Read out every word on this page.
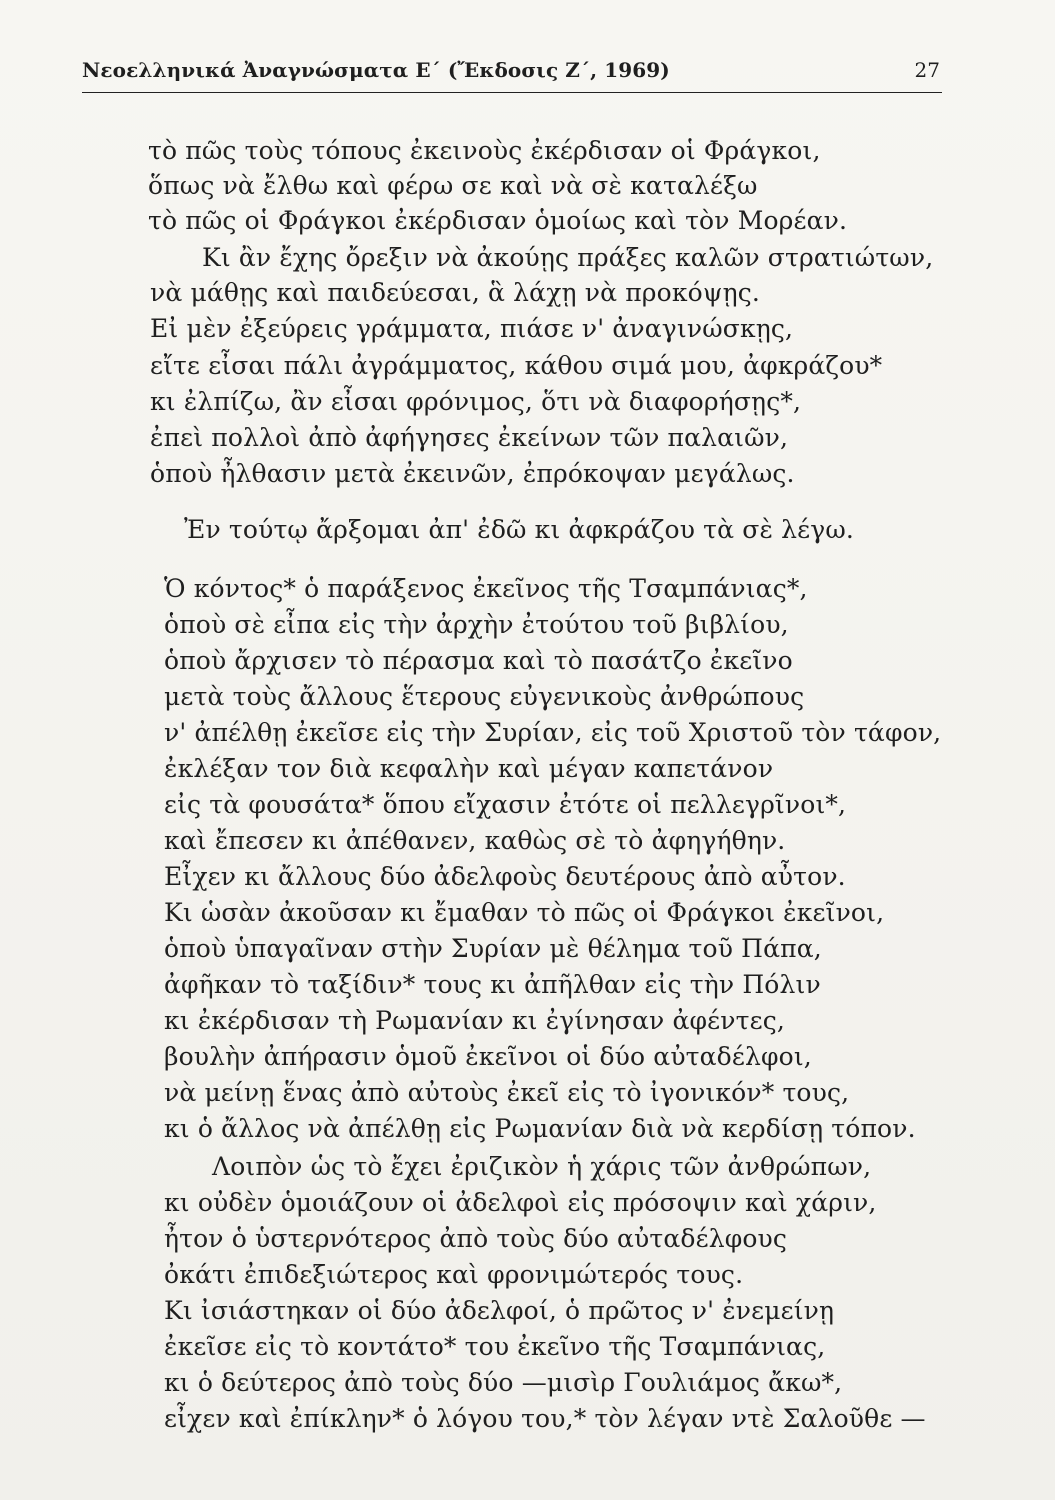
Νεοελληνικά Ἀναγνώσματα Ε΄ (Ἔκδοσις Ζ΄, 1969)	27
τὸ πῶς τοὺς τόπους ἐκεινοὺς ἐκέρδισαν οἱ Φράγκοι,
ὅπως νὰ ἔλθω καὶ φέρω σε καὶ νὰ σὲ καταλέξω
τὸ πῶς οἱ Φράγκοι ἐκέρδισαν ὁμοίως καὶ τὸν Μορέαν.
Κι ἂν ἔχης ὄρεξιν νὰ ἀκούῃς πράξες καλῶν στρατιώτων,
νὰ μάθῃς καὶ παιδεύεσαι, ἃ λάχῃ νὰ προκόψῃς.
Εἰ μὲν ἐξεύρεις γράμματα, πιάσε ν' ἀναγινώσκῃς,
εἴτε εἶσαι πάλι ἀγράμματος, κάθου σιμά μου, ἀφκράζου*
κι ἐλπίζω, ἂν εἶσαι φρόνιμος, ὅτι νὰ διαφορήσῃς*,
ἐπεὶ πολλοὶ ἀπὸ ἀφήγησες ἐκείνων τῶν παλαιῶν,
ὁποὺ ἦλθασιν μετὰ ἐκεινῶν, ἐπρόκοψαν μεγάλως.
Ἐν τούτῳ ἄρξομαι ἀπ' ἐδῶ κι ἀφκράζου τὰ σὲ λέγω.
Ὁ κόντος* ὁ παράξενος ἐκεῖνος τῆς Τσαμπάνιας*,
ὁποὺ σὲ εἶπα εἰς τὴν ἀρχὴν ἐτούτου τοῦ βιβλίου,
ὁποὺ ἄρχισεν τὸ πέρασμα καὶ τὸ πασάτζο ἐκεῖνο
μετὰ τοὺς ἄλλους ἕτερους εὐγενικοὺς ἀνθρώπους
ν' ἀπέλθῃ ἐκεῖσε εἰς τὴν Συρίαν, εἰς τοῦ Χριστοῦ τὸν τάφον,
ἐκλέξαν τον διὰ κεφαλὴν καὶ μέγαν καπετάνον
εἰς τὰ φουσάτα* ὅπου εἴχασιν ἐτότε οἱ πελλεγρῖνοι*,
καὶ ἔπεσεν κι ἀπέθανεν, καθὼς σὲ τὸ ἀφηγήθην.
Εἶχεν κι ἄλλους δύο ἀδελφοὺς δευτέρους ἀπὸ αὖτον.
Κι ὡσὰν ἀκοῦσαν κι ἔμαθαν τὸ πῶς οἱ Φράγκοι ἐκεῖνοι,
ὁποὺ ὑπαγαῖναν στὴν Συρίαν μὲ θέλημα τοῦ Πάπα,
ἀφῆκαν τὸ ταξίδιν* τους κι ἀπῆλθαν εἰς τὴν Πόλιν
κι ἐκέρδισαν τὴ Ρωμανίαν κι ἐγίνησαν ἀφέντες,
βουλὴν ἀπήρασιν ὁμοῦ ἐκεῖνοι οἱ δύο αὐταδέλφοι,
νὰ μείνῃ ἕνας ἀπὸ αὐτοὺς ἐκεῖ εἰς τὸ ἰγονικόν* τους,
κι ὁ ἄλλος νὰ ἀπέλθῃ εἰς Ρωμανίαν διὰ νὰ κερδίσῃ τόπον.
Λοιπὸν ὡς τὸ ἔχει ἐριζικὸν ἡ χάρις τῶν ἀνθρώπων,
κι οὐδὲν ὁμοιάζουν οἱ ἀδελφοὶ εἰς πρόσοψιν καὶ χάριν,
ἦτον ὁ ὑστερνότερος ἀπὸ τοὺς δύο αὐταδέλφους
ὀκάτι ἐπιδεξιώτερος καὶ φρονιμώτερός τους.
Κι ἰσιάστηκαν οἱ δύο ἀδελφοί, ὁ πρῶτος ν' ἐνεμείνῃ
ἐκεῖσε εἰς τὸ κοντάτο* του ἐκεῖνο τῆς Τσαμπάνιας,
κι ὁ δεύτερος ἀπὸ τοὺς δύο —μισὶρ Γουλιάμος ἄκω*,
εἶχεν καὶ ἐπίκλην* ὁ λόγου του,* τὸν λέγαν ντὲ Σαλοῦθε —
